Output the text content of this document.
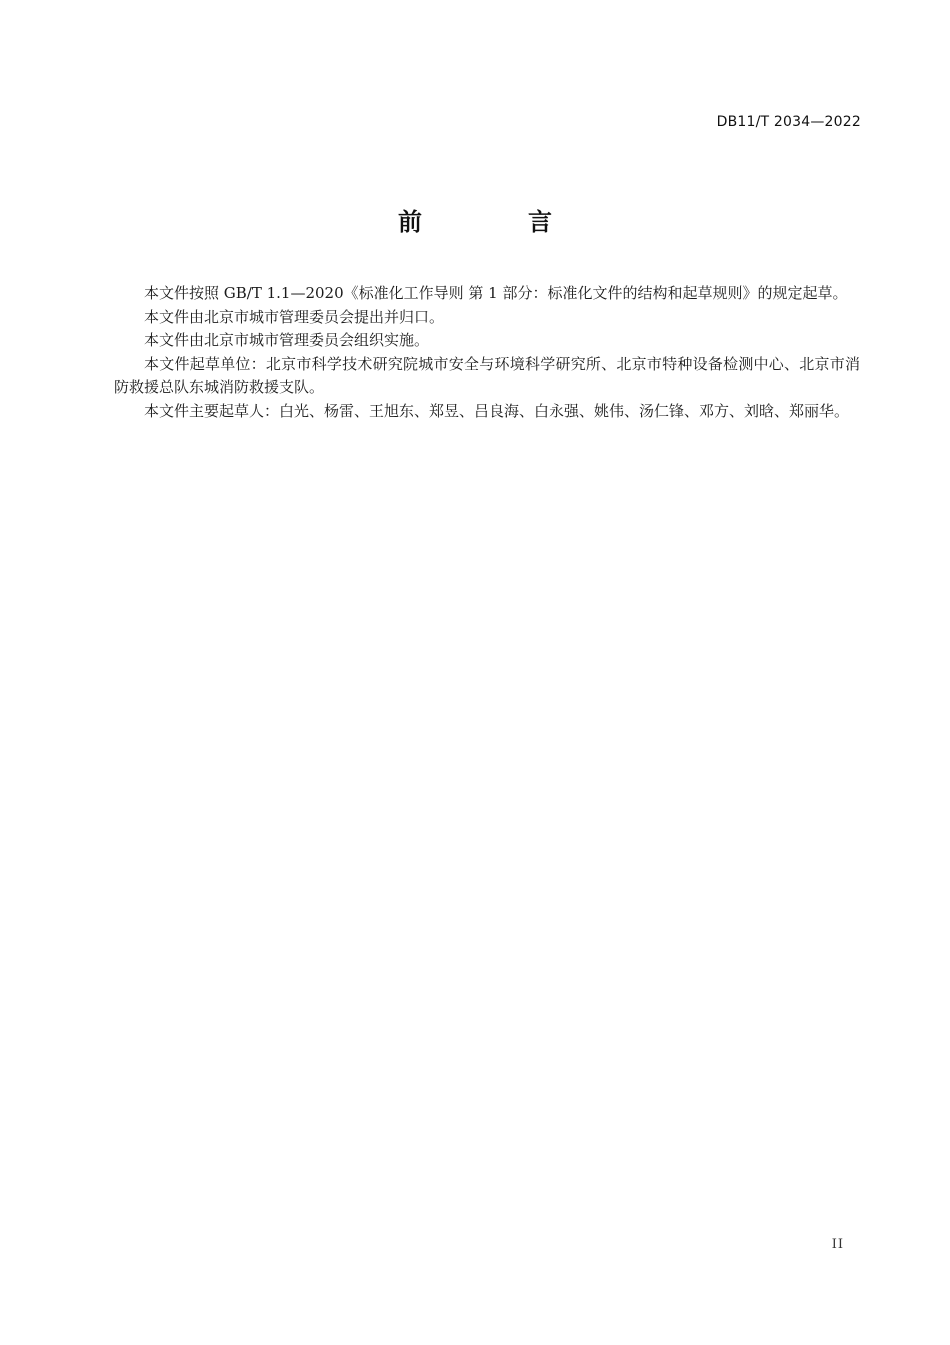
DB11/T 2034—2022
前	言

本文件按照 GB/T 1.1—2020《标准化工作导则 第 1 部分：标准化文件的结构和起草规则》的规定起草。

本文件由北京市城市管理委员会提出并归口。

本文件由北京市城市管理委员会组织实施。

本文件起草单位：北京市科学技术研究院城市安全与环境科学研究所、北京市特种设备检测中心、北京市消防救援总队东城消防救援支队。

本文件主要起草人：白光、杨雷、王旭东、郑昱、吕良海、白永强、姚伟、汤仁锋、邓方、刘晗、郑丽华。

II
